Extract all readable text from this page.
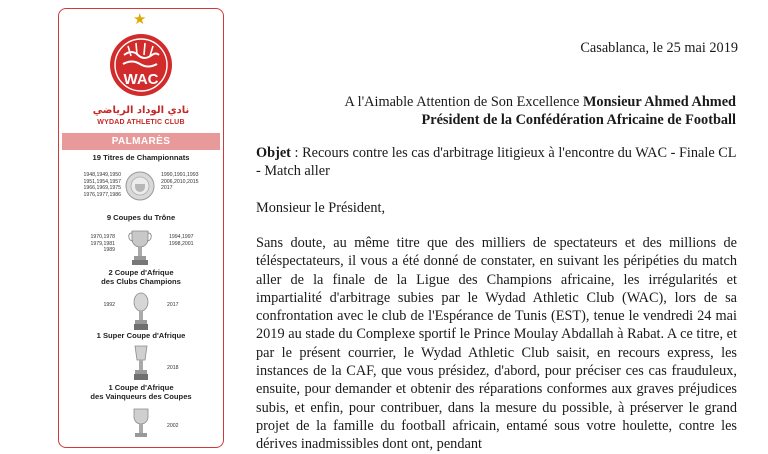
★
WAC
نادي الوداد الرياضي
WYDAD ATHLETIC CLUB
PALMARÈS
19 Titres de Championnats
1948,1949,1950
1951,1954,1957
1966,1969,1975
1976,1977,1986
1990,1991,1993
2006,2010,2015
2017
9 Coupes du Trône
1970,1978
1979,1981
1989
1994,1997
1998,2001
2 Coupe d'Afrique
des Clubs Champions
1992	2017
1 Super Coupe d'Afrique
2018
1 Coupe d'Afrique
des Vainqueurs des Coupes
2002
Casablanca, le 25 mai 2019
A l'Aimable Attention de Son Excellence Monsieur Ahmed Ahmed
Président de la Confédération Africaine de Football
Objet : Recours contre les cas d'arbitrage litigieux à l'encontre du WAC - Finale CL - Match aller
Monsieur le Président,
Sans doute, au même titre que des milliers de spectateurs et des millions de téléspectateurs, il vous a été donné de constater, en suivant les péripéties du match aller de la finale de la Ligue des Champions africaine, les irrégularités et impartialité d'arbitrage subies par le Wydad Athletic Club (WAC), lors de sa confrontation avec le club de l'Espérance de Tunis (EST), tenue le vendredi 24 mai 2019 au stade du Complexe sportif le Prince Moulay Abdallah à Rabat. A ce titre, et par le présent courrier, le Wydad Athletic Club saisit, en recours express, les instances de la CAF, que vous présidez, d'abord, pour préciser ces cas frauduleux, ensuite, pour demander et obtenir des réparations conformes aux graves préjudices subis, et enfin, pour contribuer, dans la mesure du possible, à préserver le grand projet de la famille du football africain, entamé sous votre houlette, contre les dérives inadmissibles dont ont, pendant
